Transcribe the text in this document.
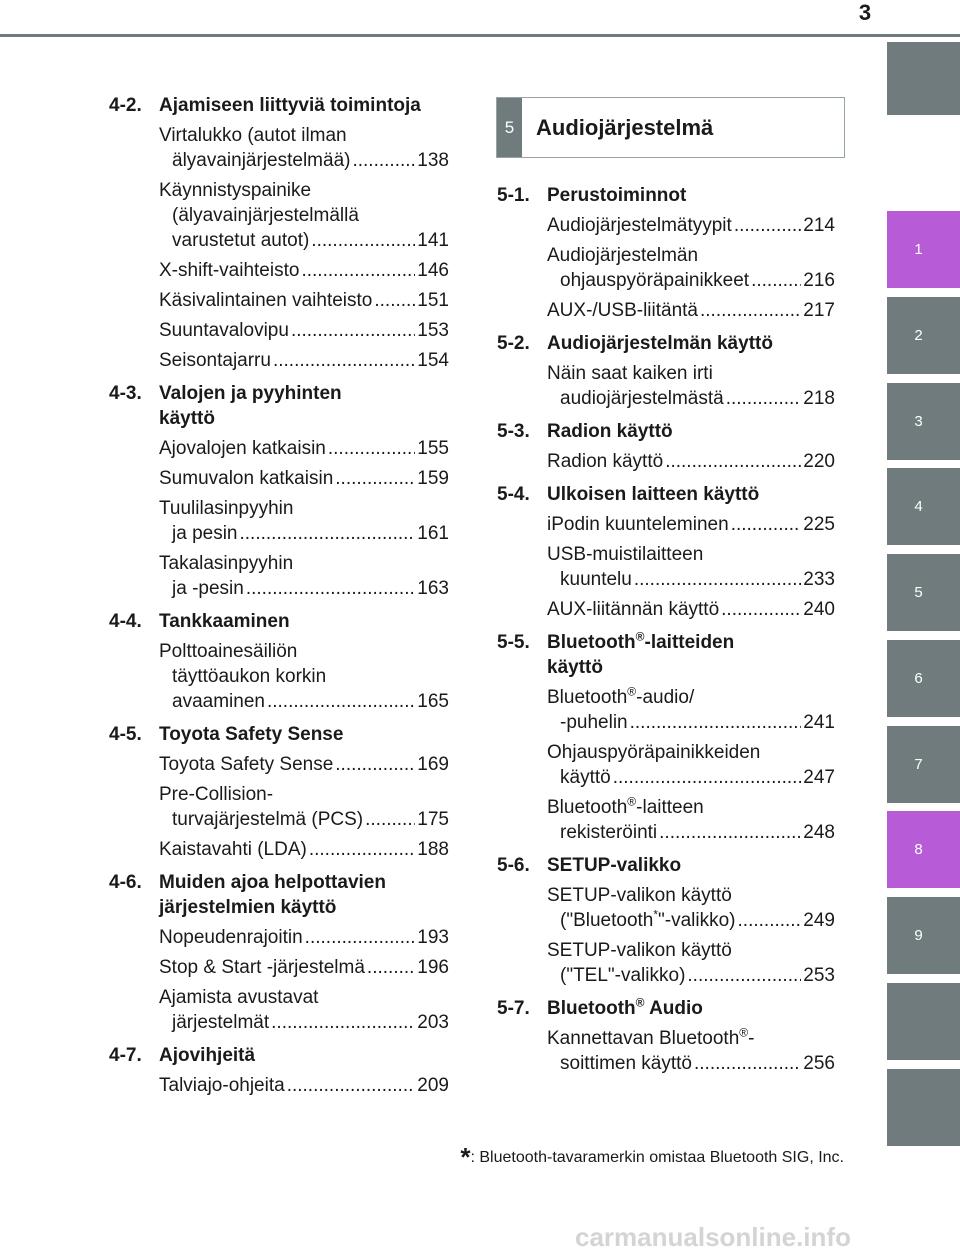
3
1
2
3
4
5
6
7
8
9
5 Audiojärjestelmä
4-2. Ajamiseen liittyviä toimintoja
Virtalukko (autot ilman
älyavainjärjestelmää) .....	138
Käynnistyspainike
(älyavainjärjestelmällä
varustetut autot) .....	141
X-shift-vaihteisto .....	146
Käsivalintainen vaihteisto ..... 151
Suuntavalovipu .....	153
Seisontajarru .....	154
4-3. Valojen ja pyyhinten
käyttö
Ajovalojen katkaisin .....	155
Sumuvalon katkaisin .....	159
Tuulilasinpyyhin
ja pesin .....	161
Takalasinpyyhin
ja -pesin .....	163
4-4. Tankkaaminen
Polttoainesäiliön
täyttöaukon korkin
avaaminen .....	165
4-5. Toyota Safety Sense
Toyota Safety Sense .....	169
Pre-Collision-
turvajärjestelmä (PCS) .....	175
Kaistavahti (LDA) .....	188
4-6. Muiden ajoa helpottavien
järjestelmien käyttö
Nopeudenrajoitin .....	193
Stop & Start -järjestelmä .....	196
Ajamista avustavat
järjestelmät .....	203
4-7. Ajovihjeitä
Talviajo-ohjeita .....	209
5-1. Perustoiminnot
Audiojärjestelmätyypit .....	214
Audiojärjestelmän
ohjauspyöräpainikkeet .....	216
AUX-/USB-liitäntä .....	217
5-2. Audiojärjestelmän käyttö
Näin saat kaiken irti
audiojärjestelmästä .....	218
5-3. Radion käyttö
Radion käyttö .....	220
5-4. Ulkoisen laitteen käyttö
iPodin kuunteleminen .....	225
USB-muistilaitteen
kuuntelu .....	233
AUX-liitännän käyttö .....	240
5-5. Bluetooth®-laitteiden
käyttö
Bluetooth®-audio/
-puhelin .....	241
Ohjauspyöräpainikkeiden
käyttö .....	247
Bluetooth®-laitteen
rekisteröinti .....	248
5-6. SETUP-valikko
SETUP-valikon käyttö
("Bluetooth*"-valikko) .....	249
SETUP-valikon käyttö
("TEL"-valikko) .....	253
5-7. Bluetooth® Audio
Kannettavan Bluetooth®-
soittimen käyttö .....	256
*: Bluetooth-tavaramerkin omistaa Bluetooth SIG, Inc.
carmanualsonline.info
